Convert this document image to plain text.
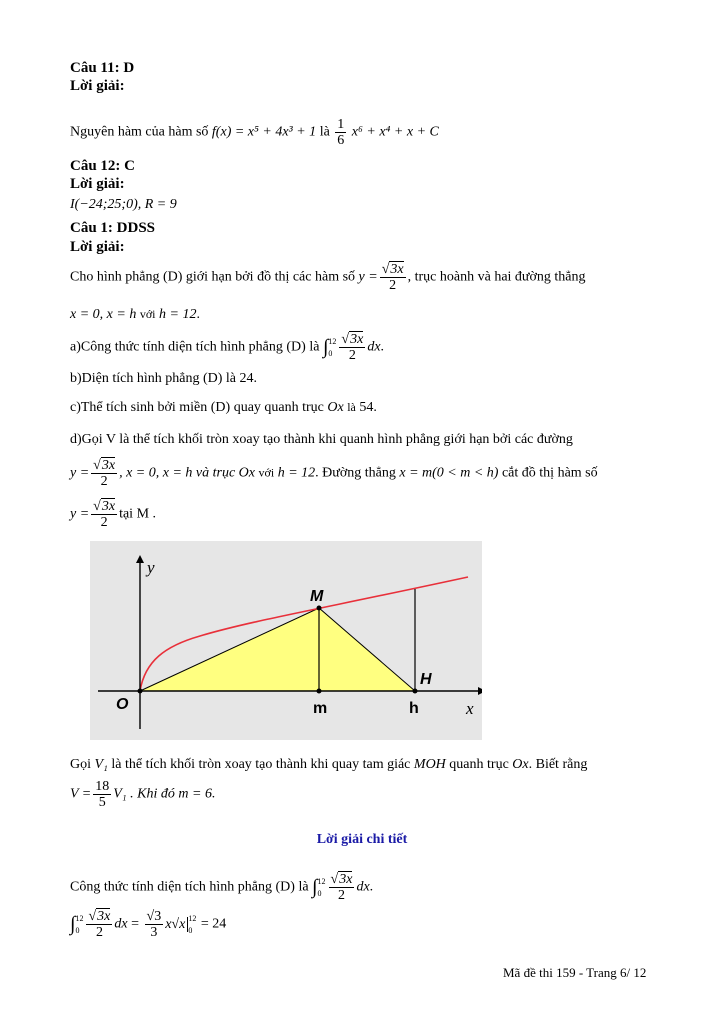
Câu 11: D
Lời giải:
Nguyên hàm của hàm số f(x) = x⁵ + 4x³ + 1 là $\frac{1}{6} x^6 + x^4 + x + C$
Câu 12: C
Lời giải:
I(−24;25;0), R = 9
Câu 1: DDSS
Lời giải:
Cho hình phẳng (D) giới hạn bởi đồ thị các hàm số $y = \frac{√3x}{2}$ , trục hoành và hai đường thẳng
x = 0, x = h với h = 12.
a)Công thức tính diện tích hình phẳng (D) là ∫ 12
$0 \frac{√3x}{2}$ dx.
b)Diện tích hình phẳng (D) là 24.
c)Thể tích sinh bởi miền (D) quay quanh trục Ox là 54.
d)Gọi V là thể tích khối tròn xoay tạo thành khi quanh hình phẳng giới hạn bởi các đường
$y = \frac{√3x}{2}$ , x = 0, x = h và trục Ox với h = 12. Đường thẳng x = m(0 < m < h) cắt đồ thị hàm số
$y = \frac{√3x}{2}$ tại M .
y
x
O
M
H
m	h
Gọi V₁ là thể tích khối tròn xoay tạo thành khi quay tam giác MOH quanh trục Ox. Biết rằng
$V = \frac{18}{5} V_1$ . Khi đó m = 6.
Lời giải chi tiết
Công thức tính diện tích hình phẳng (D) là ∫ 12
$0 \frac{√3x}{2}$ dx.
∫ 12
$0 \frac{√3x}{2}$ dx = $\frac{√3}{3} x√x$ 12
0 = 24
Mã đề thi 159 - Trang 6/ 12
